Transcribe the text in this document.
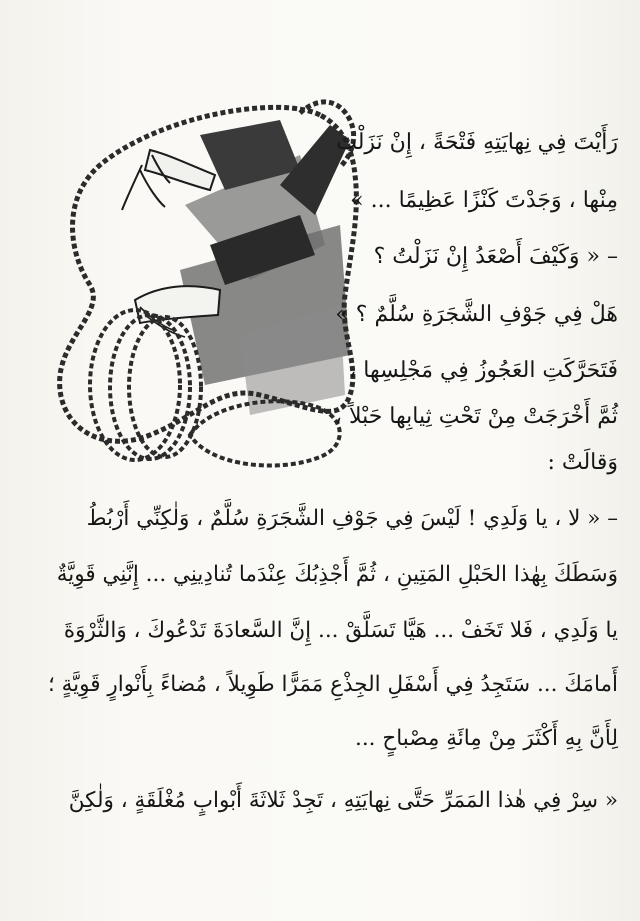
رَأَيْتَ فِي نِهايَتِهِ فَتْحَةً ، إِنْ نَزَلْتَ
مِنْها ، وَجَدْتَ كَنْزًا عَظِيمًا ... »
– « وَكَيْفَ أَصْعَدُ إِنْ نَزَلْتُ ؟
هَلْ فِي جَوْفِ الشَّجَرَةِ سُلَّمٌ ؟ »
فَتَحَرَّكَتِ العَجُوزُ فِي مَجْلِسِها ،
ثُمَّ أَخْرَجَتْ مِنْ تَحْتِ ثِيابِها حَبْلاً ،
وَقالَتْ :
– « لا ، يا وَلَدِي ! لَيْسَ فِي جَوْفِ الشَّجَرَةِ سُلَّمٌ ، وَلٰكِنِّي أَرْبُطُ
وَسَطَكَ بِهٰذا الحَبْلِ المَتِينِ ، ثُمَّ أَجْذِبُكَ عِنْدَما تُنادِينِي ... إِنَّنِي قَوِيَّةٌ
يا وَلَدِي ، فَلا تَخَفْ ... هَيَّا تَسَلَّقْ ... إِنَّ السَّعادَةَ تَدْعُوكَ ، وَالثَّرْوَةَ
أَمامَكَ ... سَتَجِدُ فِي أَسْفَلِ الجِذْعِ مَمَرًّا طَوِيلاً ، مُضاءً بِأَنْوارٍ قَوِيَّةٍ ؛
لِأَنَّ بِهِ أَكْثَرَ مِنْ مِائَةِ مِصْباحٍ ...
« سِرْ فِي هٰذا المَمَرِّ حَتَّى نِهايَتِهِ ، تَجِدْ ثَلاثَةَ أَبْوابٍ مُغْلَقَةٍ ، وَلٰكِنَّ
